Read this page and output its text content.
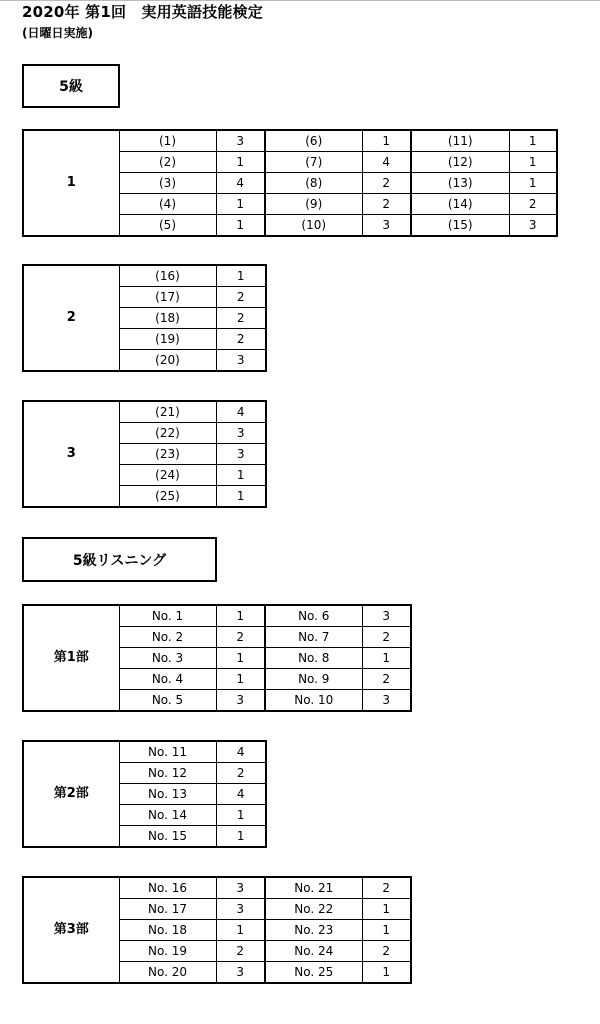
2020年 第1回　実用英語技能検定
(日曜日実施)
5級
1	(1)	3	(6)	1	(11)	1
	(2)	1	(7)	4	(12)	1
	(3)	4	(8)	2	(13)	1
	(4)	1	(9)	2	(14)	2
	(5)	1	(10)	3	(15)	3
2	(16)	1
	(17)	2
	(18)	2
	(19)	2
	(20)	3
3	(21)	4
	(22)	3
	(23)	3
	(24)	1
	(25)	1
5級リスニング
第1部	No. 1	1	No. 6	3
	No. 2	2	No. 7	2
	No. 3	1	No. 8	1
	No. 4	1	No. 9	2
	No. 5	3	No. 10	3
第2部	No. 11	4
	No. 12	2
	No. 13	4
	No. 14	1
	No. 15	1
第3部	No. 16	3	No. 21	2
	No. 17	3	No. 22	1
	No. 18	1	No. 23	1
	No. 19	2	No. 24	2
	No. 20	3	No. 25	1
